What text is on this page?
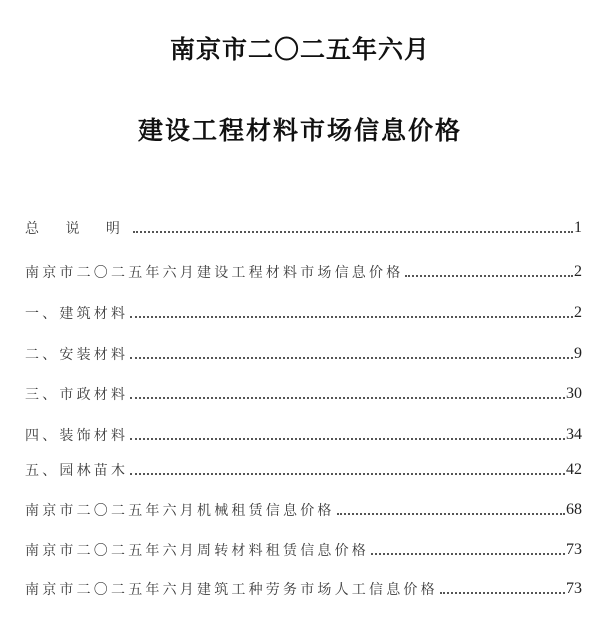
南京市二〇二五年六月
建设工程材料市场信息价格
总 说 明	1
南京市二〇二五年六月建设工程材料市场信息价格	2
一、建筑材料	2
二、安装材料	9
三、市政材料	30
四、装饰材料	34
五、园林苗木	42
南京市二〇二五年六月机械租赁信息价格	68
南京市二〇二五年六月周转材料租赁信息价格	73
南京市二〇二五年六月建筑工种劳务市场人工信息价格	73
